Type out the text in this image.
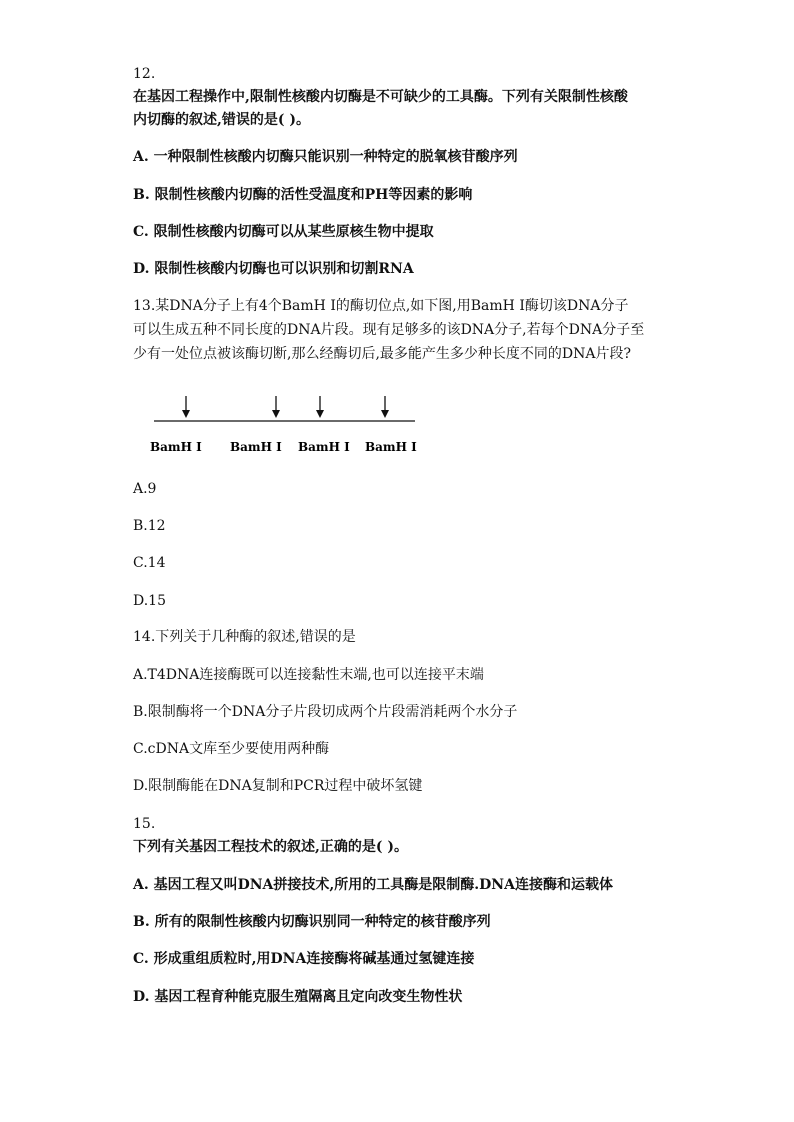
12.
在基因工程操作中,限制性核酸内切酶是不可缺少的工具酶。下列有关限制性核酸
内切酶的叙述,错误的是( )。
A. 一种限制性核酸内切酶只能识别一种特定的脱氧核苷酸序列
B. 限制性核酸内切酶的活性受温度和PH等因素的影响
C. 限制性核酸内切酶可以从某些原核生物中提取
D. 限制性核酸内切酶也可以识别和切割RNA
13.某DNA分子上有4个BamH I的酶切位点,如下图,用BamH I酶切该DNA分子
可以生成五种不同长度的DNA片段。现有足够多的该DNA分子,若每个DNA分子至
少有一处位点被该酶切断,那么经酶切后,最多能产生多少种长度不同的DNA片段?
BamH I BamH I BamH I BamH I
A.9
B.12
C.14
D.15
14.下列关于几种酶的叙述,错误的是
A.T4DNA连接酶既可以连接黏性末端,也可以连接平末端
B.限制酶将一个DNA分子片段切成两个片段需消耗两个水分子
C.cDNA文库至少要使用两种酶
D.限制酶能在DNA复制和PCR过程中破坏氢键
15.
下列有关基因工程技术的叙述,正确的是( )。
A. 基因工程又叫DNA拼接技术,所用的工具酶是限制酶.DNA连接酶和运载体
B. 所有的限制性核酸内切酶识别同一种特定的核苷酸序列
C. 形成重组质粒时,用DNA连接酶将碱基通过氢键连接
D. 基因工程育种能克服生殖隔离且定向改变生物性状
